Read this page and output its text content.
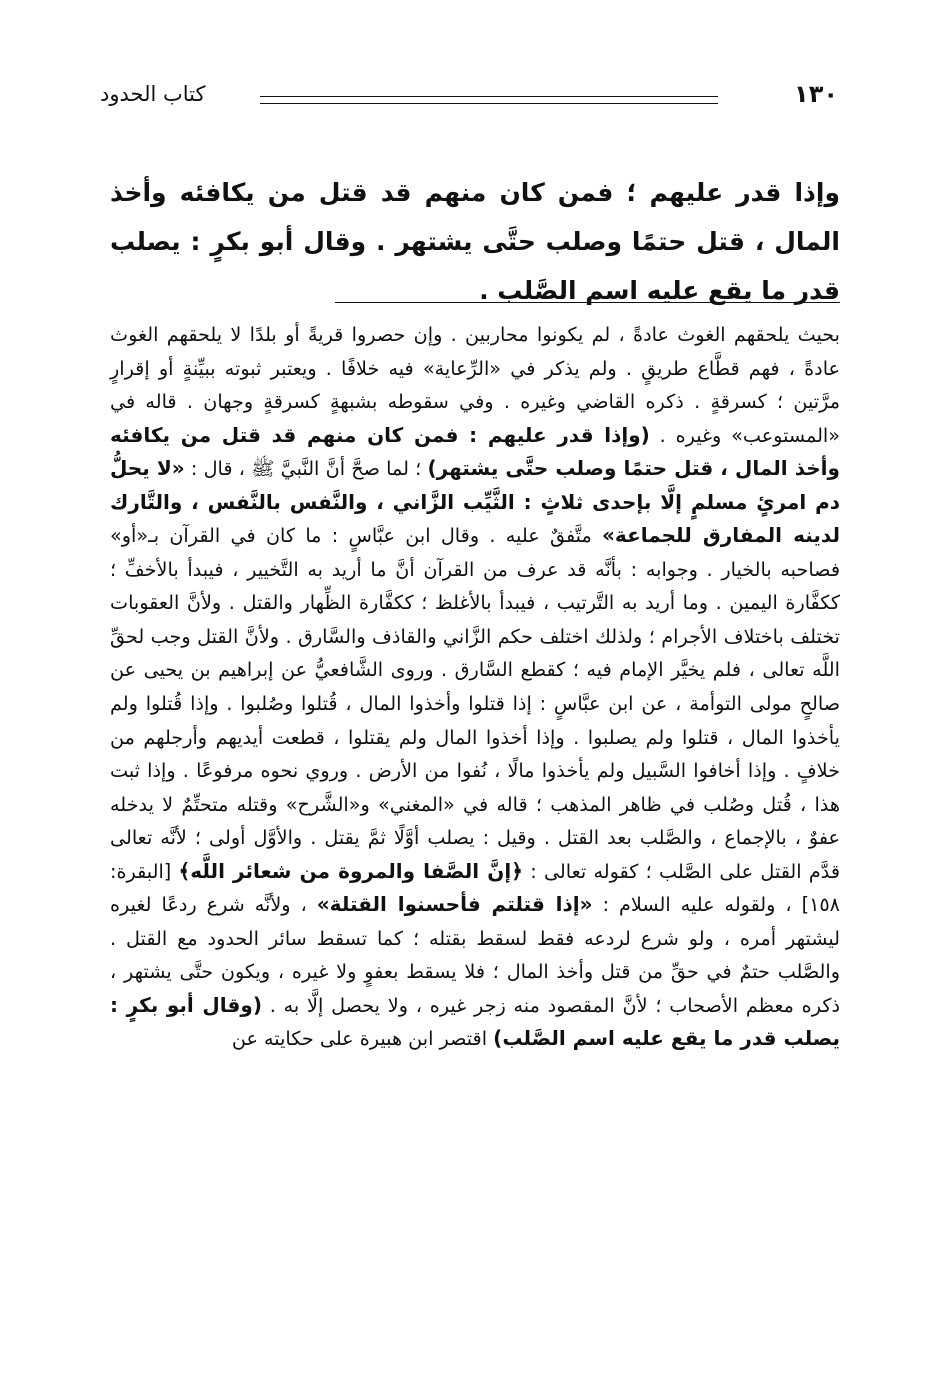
كتاب الحدود	١٣٠
وإذا قدر عليهم ؛ فمن كان منهم قد قتل من يكافئه وأخذ المال ، قتل حتمًا وصلب حتَّى يشتهر . وقال أبو بكرٍ : يصلب قدر ما يقع عليه اسم الصَّلب .
بحيث يلحقهم الغوث عادةً ، لم يكونوا محاربين . وإن حصروا قريةً أو بلدًا لا يلحقهم الغوث عادةً ، فهم قطَّاع طريقٍ . ولم يذكر في «الرِّعاية» فيه خلافًا . ويعتبر ثبوته ببيِّنةٍ أو إقرارٍ مرَّتين ؛ كسرقةٍ . ذكره القاضي وغيره . وفي سقوطه بشبهةٍ كسرقةٍ وجهان . قاله في «المستوعب» وغيره . (وإذا قدر عليهم : فمن كان منهم قد قتل من يكافئه وأخذ المال ، قتل حتمًا وصلب حتَّى يشتهر) ؛ لما صحَّ أنَّ النَّبيَّ ﷺ ، قال : «لا يحلُّ دم امرئٍ مسلمٍ إلَّا بإحدى ثلاثٍ : الثَّيِّب الزَّاني ، والنَّفس بالنَّفس ، والتَّارك لدينه المفارق للجماعة» متَّفقٌ عليه . وقال ابن عبَّاسٍ : ما كان في القرآن بـ«أو» فصاحبه بالخيار . وجوابه : بأنَّه قد عرف من القرآن أنَّ ما أريد به التَّخيير ، فيبدأ بالأخفِّ ؛ ككفَّارة اليمين . وما أريد به التَّرتيب ، فيبدأ بالأغلظ ؛ ككفَّارة الظِّهار والقتل . ولأنَّ العقوبات تختلف باختلاف الأجرام ؛ ولذلك اختلف حكم الزَّاني والقاذف والسَّارق . ولأنَّ القتل وجب لحقِّ اللَّه تعالى ، فلم يخيَّر الإمام فيه ؛ كقطع السَّارق . وروى الشَّافعيُّ عن إبراهيم بن يحيى عن صالحٍ مولى التوأمة ، عن ابن عبَّاسٍ : إذا قتلوا وأخذوا المال ، قُتلوا وصُلبوا . وإذا قُتلوا ولم يأخذوا المال ، قتلوا ولم يصلبوا . وإذا أخذوا المال ولم يقتلوا ، قطعت أيديهم وأرجلهم من خلافٍ . وإذا أخافوا السَّبيل ولم يأخذوا مالًا ، نُفوا من الأرض . وروي نحوه مرفوعًا . وإذا ثبت هذا ، قُتل وصُلب في ظاهر المذهب ؛ قاله في «المغني» و«الشَّرح» وقتله متحتِّمٌ لا يدخله عفوٌ ، بالإجماع ، والصَّلب بعد القتل . وقيل : يصلب أوَّلًا ثمَّ يقتل . والأوَّل أولى ؛ لأنَّه تعالى قدَّم القتل على الصَّلب ؛ كقوله تعالى : ﴿إنَّ الصَّفا والمروة من شعائر اللَّه﴾ [البقرة: ١٥٨] ، ولقوله عليه السلام : «إذا قتلتم فأحسنوا القتلة» ، ولأنَّه شرع ردعًا لغيره ليشتهر أمره ، ولو شرع لردعه فقط لسقط بقتله ؛ كما تسقط سائر الحدود مع القتل . والصَّلب حتمٌ في حقِّ من قتل وأخذ المال ؛ فلا يسقط بعفوٍ ولا غيره ، ويكون حتَّى يشتهر ، ذكره معظم الأصحاب ؛ لأنَّ المقصود منه زجر غيره ، ولا يحصل إلَّا به . (وقال أبو بكرٍ : يصلب قدر ما يقع عليه اسم الصَّلب) اقتصر ابن هبيرة على حكايته عن
